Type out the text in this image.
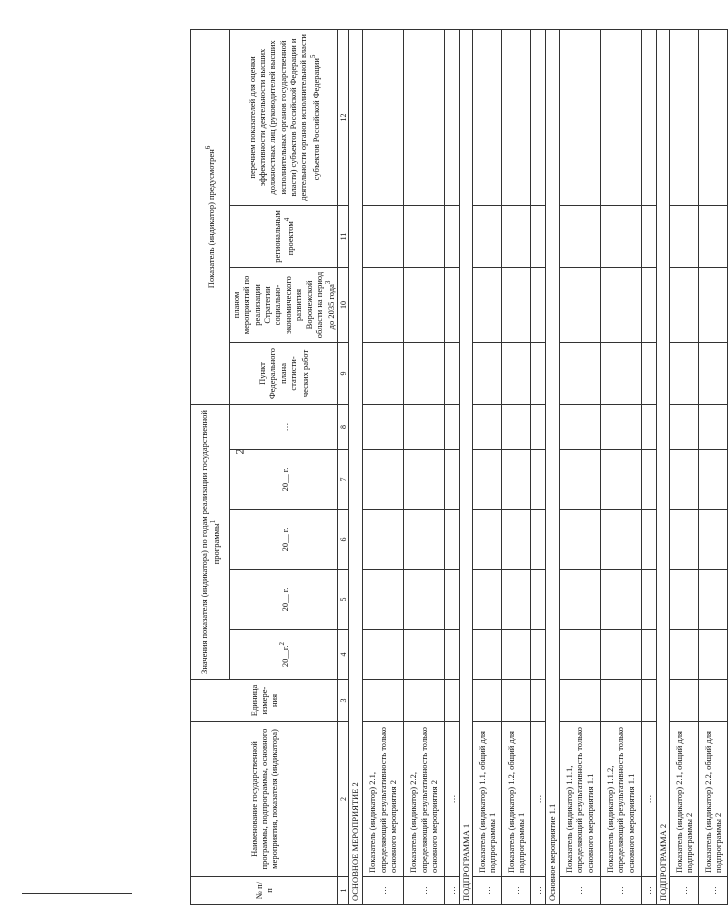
2
№ п/п	Наименование государственной программы, подпрограммы, основного мероприятия, показателя (индикатора)	Единица измере-ния	Значения показателя (индикатора) по годам реализации государственной программы$^1$					Показатель (индикатор) предусмотрен$^6$
			20__г.$^2$	20__ г.	20__ г.	20__ г.	…	Пункт Федерального плана статисти-ческих работ	планом мероприятий по реализации Стратегии социально-экономического развития Воронежской области на период до 2035 года$^3$	региональным проектом$^4$	перечнем показателей для оценки эффективности деятельности высших должностных лиц (руководителей высших исполнительных органов государственной власти) субъектов Российской Федерации и деятельности органов исполнительной власти субъектов Российской Федерации$^5$
1	2	3	4	5	6	7	8	9	10	11	12
ОСНОВНОЕ МЕРОПРИЯТИЕ 2											
…	Показатель (индикатор) 2.1, определяющий результативность только основного мероприятия 2										
…	Показатель (индикатор) 2.2, определяющий результативность только основного мероприятия 2										
…	…										
ПОДПРОГРАММА 1											
…	Показатель (индикатор) 1.1, общий для подпрограммы 1										
…	Показатель (индикатор) 1.2, общий для подпрограммы 1										
…	…										
Основное мероприятие 1.1											
…	Показатель (индикатор) 1.1.1, определяющий результативность только основного мероприятия 1.1										
…	Показатель (индикатор) 1.1.2, определяющий результативность только основного мероприятия 1.1										
…	…										
ПОДПРОГРАММА 2											
…	Показатель (индикатор) 2.1, общий для подпрограммы 2										
…	Показатель (индикатор) 2.2, общий для подпрограммы 2										
